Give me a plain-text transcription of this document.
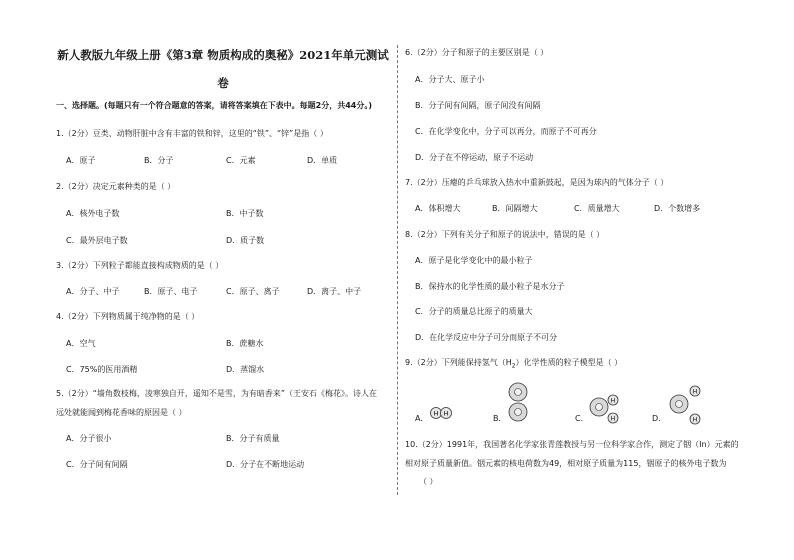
新人教版九年级上册《第3章 物质构成的奥秘》2021年单元测试
卷
一、选择题。(每题只有一个符合题意的答案，请将答案填在下表中。每题2分，共44分。)
1.（2分）豆类、动物肝脏中含有丰富的铁和锌，这里的“铁”、“锌”是指（ ）
A．原子	B．分子	C．元素	D．单质
2.（2分）决定元素种类的是（ ）
A．核外电子数	B．中子数
C．最外层电子数	D．质子数
3.（2分）下列粒子都能直接构成物质的是（ ）
A．分子、中子	B．原子、电子	C．原子、离子	D．离子、中子
4.（2分）下列物质属于纯净物的是（ ）
A．空气	B．蔗糖水
C．75%的医用酒精	D．蒸馏水
5.（2分）“墙角数枝梅，凌寒独自开，遥知不是雪，为有暗香来”（王安石《梅花》。诗人在
远处就能闻到梅花香味的原因是（ ）
A．分子很小	B．分子有质量
C．分子间有间隔	D．分子在不断地运动
6.（2分）分子和原子的主要区别是（ ）
A．分子大、原子小
B．分子间有间隔，原子间没有间隔
C．在化学变化中，分子可以再分，而原子不可再分
D．分子在不停运动，原子不运动
7.（2分）压瘪的乒乓球放入热水中重新鼓起，是因为球内的气体分子（ ）
A．体积增大	B．间隔增大	C．质量增大	D．个数增多
8.（2分）下列有关分子和原子的说法中，错误的是（ ）
A．原子是化学变化中的最小粒子
B．保持水的化学性质的最小粒子是水分子
C．分子的质量总比原子的质量大
D．在化学反应中分子可分而原子不可分
9.（2分）下列能保持氢气$(H_2)$化学性质的粒子模型是（ ）
A．
H H
B．	C．
H
H	D．
H
H
10.（2分）1991年，我国著名化学家张青莲教授与另一位科学家合作，测定了铟（In）元素的
相对原子质量新值。铟元素的核电荷数为49，相对原子质量为115，铟原子的核外电子数为
（ ）
